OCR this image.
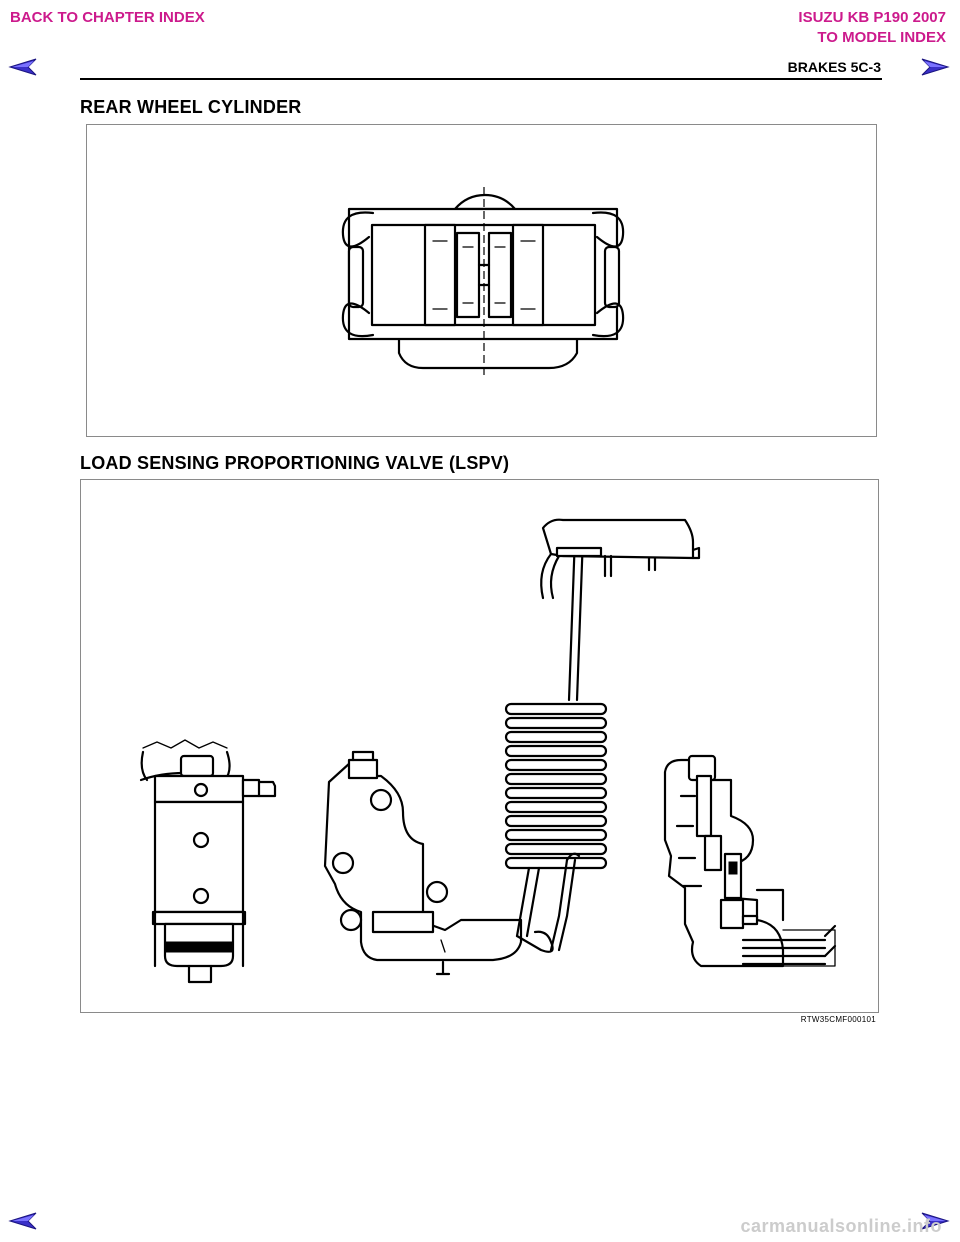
BACK TO CHAPTER INDEX	ISUZU KB P190 2007
TO MODEL INDEX
BRAKES 5C-3
REAR WHEEL CYLINDER
LOAD SENSING PROPORTIONING VALVE (LSPV)
RTW35CMF000101
carmanualsonline.info
